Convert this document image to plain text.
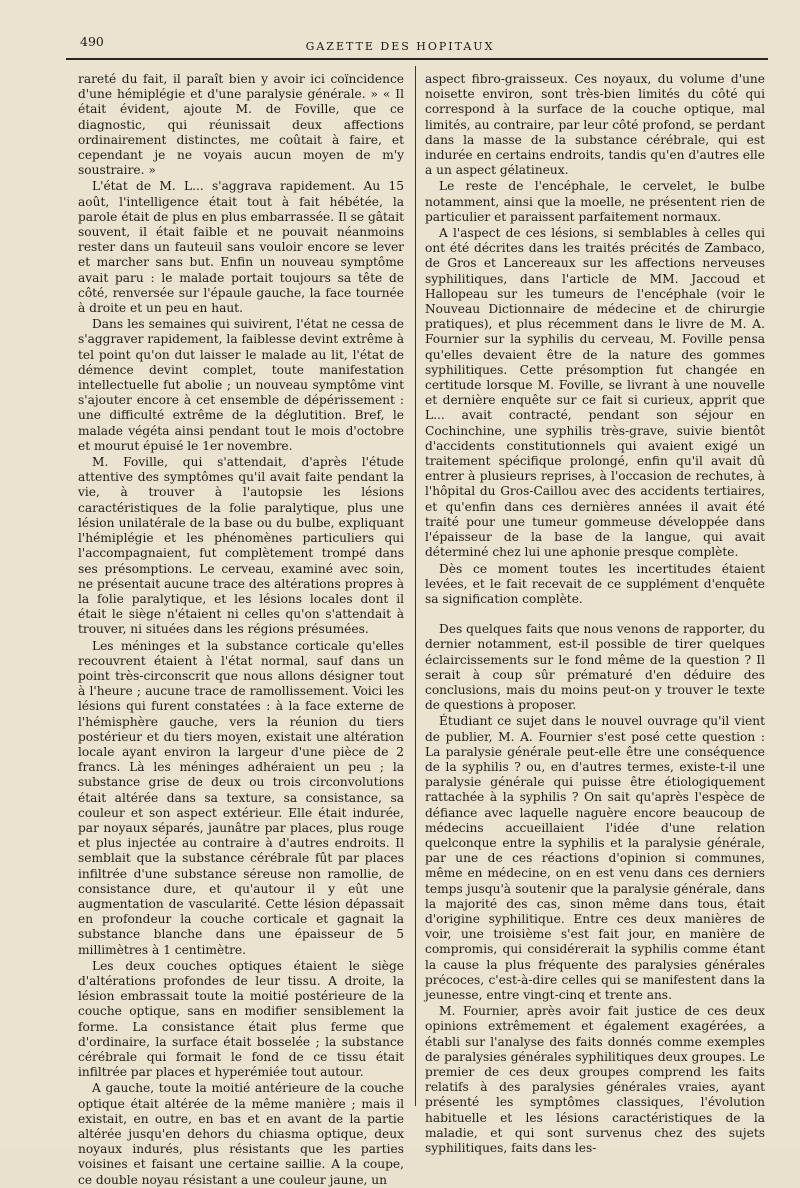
490	GAZETTE DES HOPITAUX

rareté du fait, il paraît bien y avoir ici coïncidence d'une hémiplégie et d'une paralysie générale. » « Il était évident, ajoute M. de Foville, que ce diagnostic, qui réunissait deux affections ordinairement distinctes, me coûtait à faire, et cependant je ne voyais aucun moyen de m'y soustraire. »

L'état de M. L... s'aggrava rapidement. Au 15 août, l'intelligence était tout à fait hébétée, la parole était de plus en plus embarrassée. Il se gâtait souvent, il était faible et ne pouvait néanmoins rester dans un fauteuil sans vouloir encore se lever et marcher sans but. Enfin un nouveau symptôme avait paru : le malade portait toujours sa tête de côté, renversée sur l'épaule gauche, la face tournée à droite et un peu en haut.

Dans les semaines qui suivirent, l'état ne cessa de s'aggraver rapidement, la faiblesse devint extrême à tel point qu'on dut laisser le malade au lit, l'état de démence devint complet, toute manifestation intellectuelle fut abolie ; un nouveau symptôme vint s'ajouter encore à cet ensemble de dépérissement : une difficulté extrême de la déglutition. Bref, le malade végéta ainsi pendant tout le mois d'octobre et mourut épuisé le 1er novembre.

M. Foville, qui s'attendait, d'après l'étude attentive des symptômes qu'il avait faite pendant la vie, à trouver à l'autopsie les lésions caractéristiques de la folie paralytique, plus une lésion unilatérale de la base ou du bulbe, expliquant l'hémiplégie et les phénomènes particuliers qui l'accompagnaient, fut complètement trompé dans ses présomptions. Le cerveau, examiné avec soin, ne présentait aucune trace des altérations propres à la folie paralytique, et les lésions locales dont il était le siège n'étaient ni celles qu'on s'attendait à trouver, ni situées dans les régions présumées.

Les méninges et la substance corticale qu'elles recouvrent étaient à l'état normal, sauf dans un point très-circonscrit que nous allons désigner tout à l'heure ; aucune trace de ramollissement. Voici les lésions qui furent constatées : à la face externe de l'hémisphère gauche, vers la réunion du tiers postérieur et du tiers moyen, existait une altération locale ayant environ la largeur d'une pièce de 2 francs. Là les méninges adhéraient un peu ; la substance grise de deux ou trois circonvolutions était altérée dans sa texture, sa consistance, sa couleur et son aspect extérieur. Elle était indurée, par noyaux séparés, jaunâtre par places, plus rouge et plus injectée au contraire à d'autres endroits. Il semblait que la substance cérébrale fût par places infiltrée d'une substance séreuse non ramollie, de consistance dure, et qu'autour il y eût une augmentation de vascularité. Cette lésion dépassait en profondeur la couche corticale et gagnait la substance blanche dans une épaisseur de 5 millimètres à 1 centimètre.

Les deux couches optiques étaient le siège d'altérations profondes de leur tissu. A droite, la lésion embrassait toute la moitié postérieure de la couche optique, sans en modifier sensiblement la forme. La consistance était plus ferme que d'ordinaire, la surface était bosselée ; la substance cérébrale qui formait le fond de ce tissu était infiltrée par places et hyperémiée tout autour.

A gauche, toute la moitié antérieure de la couche optique était altérée de la même manière ; mais il existait, en outre, en bas et en avant de la partie altérée jusqu'en dehors du chiasma optique, deux noyaux indurés, plus résistants que les parties voisines et faisant une certaine saillie. A la coupe, ce double noyau résistant a une couleur jaune, un

aspect fibro-graisseux. Ces noyaux, du volume d'une noisette environ, sont très-bien limités du côté qui correspond à la surface de la couche optique, mal limités, au contraire, par leur côté profond, se perdant dans la masse de la substance cérébrale, qui est indurée en certains endroits, tandis qu'en d'autres elle a un aspect gélatineux.

Le reste de l'encéphale, le cervelet, le bulbe notamment, ainsi que la moelle, ne présentent rien de particulier et paraissent parfaitement normaux.

A l'aspect de ces lésions, si semblables à celles qui ont été décrites dans les traités précités de Zambaco, de Gros et Lancereaux sur les affections nerveuses syphilitiques, dans l'article de MM. Jaccoud et Hallopeau sur les tumeurs de l'encéphale (voir le Nouveau Dictionnaire de médecine et de chirurgie pratiques), et plus récemment dans le livre de M. A. Fournier sur la syphilis du cerveau, M. Foville pensa qu'elles devaient être de la nature des gommes syphilitiques. Cette présomption fut changée en certitude lorsque M. Foville, se livrant à une nouvelle et dernière enquête sur ce fait si curieux, apprit que L... avait contracté, pendant son séjour en Cochinchine, une syphilis très-grave, suivie bientôt d'accidents constitutionnels qui avaient exigé un traitement spécifique prolongé, enfin qu'il avait dû entrer à plusieurs reprises, à l'occasion de rechutes, à l'hôpital du Gros-Caillou avec des accidents tertiaires, et qu'enfin dans ces dernières années il avait été traité pour une tumeur gommeuse développée dans l'épaisseur de la base de la langue, qui avait déterminé chez lui une aphonie presque complète.

Dès ce moment toutes les incertitudes étaient levées, et le fait recevait de ce supplément d'enquête sa signification complète.

Des quelques faits que nous venons de rapporter, du dernier notamment, est-il possible de tirer quelques éclaircissements sur le fond même de la question ? Il serait à coup sûr prématuré d'en déduire des conclusions, mais du moins peut-on y trouver le texte de questions à proposer.

Étudiant ce sujet dans le nouvel ouvrage qu'il vient de publier, M. A. Fournier s'est posé cette question : La paralysie générale peut-elle être une conséquence de la syphilis ? ou, en d'autres termes, existe-t-il une paralysie générale qui puisse être étiologiquement rattachée à la syphilis ? On sait qu'après l'espèce de défiance avec laquelle naguère encore beaucoup de médecins accueillaient l'idée d'une relation quelconque entre la syphilis et la paralysie générale, par une de ces réactions d'opinion si communes, même en médecine, on en est venu dans ces derniers temps jusqu'à soutenir que la paralysie générale, dans la majorité des cas, sinon même dans tous, était d'origine syphilitique. Entre ces deux manières de voir, une troisième s'est fait jour, en manière de compromis, qui considérerait la syphilis comme étant la cause la plus fréquente des paralysies générales précoces, c'est-à-dire celles qui se manifestent dans la jeunesse, entre vingt-cinq et trente ans.

M. Fournier, après avoir fait justice de ces deux opinions extrêmement et également exagérées, a établi sur l'analyse des faits donnés comme exemples de paralysies générales syphilitiques deux groupes. Le premier de ces deux groupes comprend les faits relatifs à des paralysies générales vraies, ayant présenté les symptômes classiques, l'évolution habituelle et les lésions caractéristiques de la maladie, et qui sont survenus chez des sujets syphilitiques, faits dans les-
